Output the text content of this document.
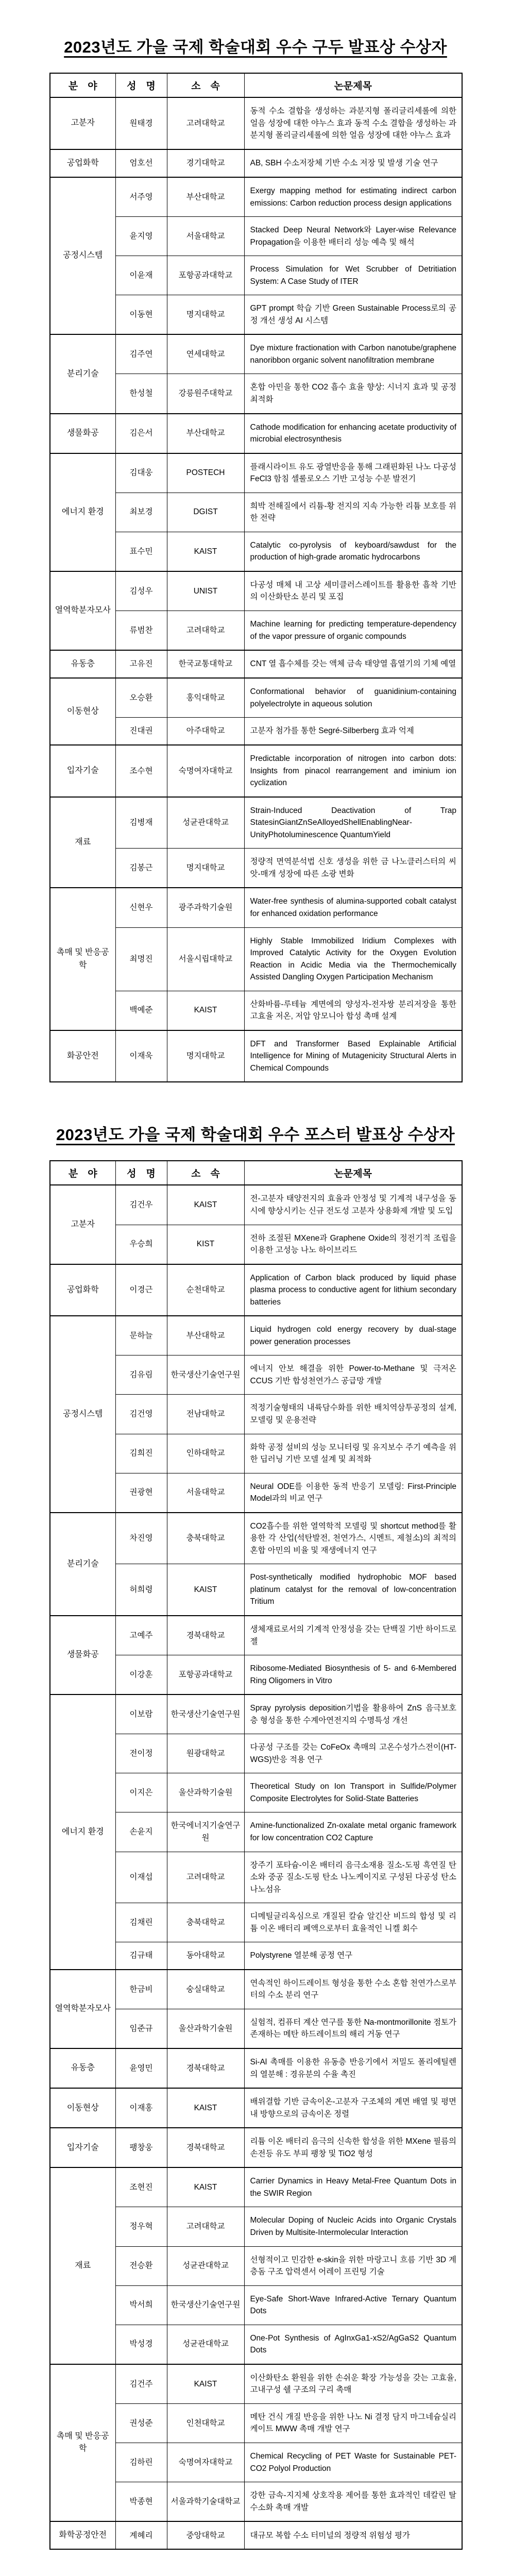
2023년도 가을 국제 학술대회 우수 구두 발표상 수상자
분 야	성 명	소 속	논문제목
고분자	원태경	고려대학교	동적 수소 결합을 생성하는 과분지형 폴리글리세롤에 의한 얼음 성장에 대한 야누스 효과 동적 수소 결합을 생성하는 과분지형 폴리글리세롤에 의한 얼음 성장에 대한 야누스 효과
공업화학	엄호선	경기대학교	AB, SBH 수소저장체 기반 수소 저장 및 발생 기술 연구
공정시스템	서주영	부산대학교	Exergy mapping method for estimating indirect carbon emissions: Carbon reduction process design applications
	윤지영	서울대학교	Stacked Deep Neural Network와 Layer-wise Relevance Propagation을 이용한 배터리 성능 예측 및 해석
	이윤재	포항공과대학교	Process Simulation for Wet Scrubber of Detritiation System: A Case Study of ITER
	이동현	명지대학교	GPT prompt 학습 기반 Green Sustainable Process로의 공정 개선 생성 AI 시스템
분리기술	김주연	연세대학교	Dye mixture fractionation with Carbon nanotube/graphene nanoribbon organic solvent nanofiltration membrane
	한성철	강릉원주대학교	혼합 아민을 통한 CO2 흡수 효율 향상: 시너지 효과 및 공정 최적화
생물화공	김은서	부산대학교	Cathode modification for enhancing acetate productivity of microbial electrosynthesis
에너지 환경	김대웅	POSTECH	플래시라이트 유도 광열반응을 통해 그래핀화된 나노 다공성 FeCl3 함침 셀룰로오스 기반 고성능 수분 발전기
	최보경	DGIST	희박 전해질에서 리튬-황 전지의 지속 가능한 리튬 보호를 위한 전략
	표수민	KAIST	Catalytic co-pyrolysis of keyboard/sawdust for the production of high-grade aromatic hydrocarbons
열역학분자모사	김성우	UNIST	다공성 매체 내 고상 세미클러스레이트를 활용한 흡착 기반의 이산화탄소 분리 및 포집
	류범찬	고려대학교	Machine learning for predicting temperature-dependency of the vapor pressure of organic compounds
유동층	고유진	한국교통대학교	CNT 열 흡수체를 갖는 액체 금속 태양열 흡열기의 기체 예열
이동현상	오승환	홍익대학교	Conformational behavior of guanidinium-containing polyelectrolyte in aqueous solution
	진대권	아주대학교	고분자 첨가를 통한 Segré-Silberberg 효과 억제
입자기술	조수현	숙명여자대학교	Predictable incorporation of nitrogen into carbon dots: Insights from pinacol rearrangement and iminium ion cyclization
재료	김병재	성균관대학교	Strain-Induced Deactivation of Trap StatesinGiantZnSeAlloyedShellEnablingNear-UnityPhotoluminescence QuantumYield
	김봉근	명지대학교	정량적 면역분석법 신호 생성을 위한 금 나노클러스터의 씨앗-매개 성장에 따른 소광 변화
촉매 및 반응공학	신현우	광주과학기술원	Water-free synthesis of alumina-supported cobalt catalyst for enhanced oxidation performance
	최명진	서울시립대학교	Highly Stable Immobilized Iridium Complexes with Improved Catalytic Activity for the Oxygen Evolution Reaction in Acidic Media via the Thermochemically Assisted Dangling Oxygen Participation Mechanism
	백예준	KAIST	산화바륨-루테늄 계면에의 양성자-전자쌍 분리저장을 통한 고효율 저온, 저압 암모니아 합성 촉매 설계
화공안전	이재욱	명지대학교	DFT and Transformer Based Explainable Artificial Intelligence for Mining of Mutagenicity Structural Alerts in Chemical Compounds
2023년도 가을 국제 학술대회 우수 포스터 발표상 수상자
분 야	성 명	소 속	논문제목
고분자	김건우	KAIST	전-고분자 태양전지의 효율과 안정성 및 기계적 내구성을 동시에 향상시키는 신규 전도성 고분자 상용화제 개발 및 도입
	우승희	KIST	전하 조절된 MXene과 Graphene Oxide의 정전기적 조립을 이용한 고성능 나노 하이브리드
공업화학	이경근	순천대학교	Application of Carbon black produced by liquid phase plasma process to conductive agent for lithium secondary batteries
공정시스템	문하늘	부산대학교	Liquid hydrogen cold energy recovery by dual-stage power generation processes
	김유림	한국생산기술연구원	에너지 안보 해결을 위한 Power-to-Methane 및 극저온 CCUS 기반 합성천연가스 공급망 개발
	김건영	전남대학교	적정기술형태의 내륙담수화를 위한 배치역삼투공정의 설계, 모델링 및 운용전략
	김희진	인하대학교	화학 공정 설비의 성능 모니터링 및 유지보수 주기 예측을 위한 딥러닝 기반 모델 설계 및 최적화
	권광현	서울대학교	Neural ODE를 이용한 동적 반응기 모델링: First-Principle Model과의 비교 연구
분리기술	차진영	충북대학교	CO2흡수를 위한 열역학적 모델링 및 shortcut method를 활용한 각 산업(석탄발전, 천연가스, 시멘트, 제철소)의 최적의 혼합 아민의 비율 및 재생에너지 연구
	허희령	KAIST	Post-synthetically modified hydrophobic MOF based platinum catalyst for the removal of low-concentration Tritium
생물화공	고예주	경북대학교	생체재료로서의 기계적 안정성을 갖는 단백질 기반 하이드로젤
	이강훈	포항공과대학교	Ribosome-Mediated Biosynthesis of 5- and 6-Membered Ring Oligomers in Vitro
에너지 환경	이보람	한국생산기술연구원	Spray pyrolysis deposition기법을 활용하여 ZnS 음극보호층 형성을 통한 수계아연전지의 수명특성 개선
	전이정	원광대학교	다공성 구조를 갖는 CoFeOx 촉매의 고온수성가스전이(HT-WGS)반응 적용 연구
	이지은	울산과학기술원	Theoretical Study on Ion Transport in Sulfide/Polymer Composite Electrolytes for Solid-State Batteries
	손윤지	한국에너지기술연구원	Amine-functionalized Zn-oxalate metal organic framework for low concentration CO2 Capture
	이재섭	고려대학교	장주기 포타슘-이온 배터리 음극소재용 질소-도핑 흑연질 탄소와 중공 질소-도핑 탄소 나노케이지로 구성된 다공성 탄소 나노섬유
	김채린	충북대학교	디메틸글리옥심으로 개질된 칼슘 알긴산 비드의 합성 및 리튬 이온 배터리 폐액으로부터 효율적인 니켈 회수
	김규태	동아대학교	Polystyrene 열분해 공정 연구
열역학분자모사	한금비	숭실대학교	연속적인 하이드레이트 형성을 통한 수소 혼합 천연가스로부터의 수소 분리 연구
	임준규	울산과학기술원	실험적, 컴퓨터 계산 연구를 통한 Na-montmorillonite 점토가 존재하는 메탄 하드레이트의 해리 거동 연구
유동층	윤영민	경북대학교	Si-Al 촉매를 이용한 유동층 반응기에서 저밀도 폴리에틸렌의 열분해 : 경유분의 수율 촉진
이동현상	이재홍	KAIST	배위결합 기반 금속이온-고분자 구조체의 계면 배열 및 평면 내 방향으로의 금속이온 정렬
입자기술	팽창웅	경북대학교	리튬 이온 배터리 음극의 신속한 합성을 위한 MXene 필름의 손전등 유도 부피 팽창 및 TiO2 형성
재료	조현진	KAIST	Carrier Dynamics in Heavy Metal-Free Quantum Dots in the SWIR Region
	정우혁	고려대학교	Molecular Doping of Nucleic Acids into Organic Crystals Driven by Multisite-Intermolecular Interaction
	전승환	성균관대학교	선형적이고 민감한 e-skin을 위한 마랑고니 흐름 기반 3D 계층돔 구조 압력센서 어레이 프린팅 기술
	박서희	한국생산기술연구원	Eye-Safe Short-Wave Infrared-Active Ternary Quantum Dots
	박성경	성균관대학교	One-Pot Synthesis of AgInxGa1-xS2/AgGaS2 Quantum Dots
촉매 및 반응공학	김건주	KAIST	이산화탄소 환원을 위한 손쉬운 확장 가능성을 갖는 고효율, 고내구성 쉘 구조의 구리 촉매
	권성준	인천대학교	메탄 건식 개질 반응을 위한 나노 Ni 결정 담지 마그네슘실리케이트 MWW 촉매 개발 연구
	김하린	숙명여자대학교	Chemical Recycling of PET Waste for Sustainable PET-CO2 Polyol Production
	박종현	서울과학기술대학교	강한 금속-지지체 상호작용 제어를 통한 효과적인 데칼린 탈수소화 촉매 개발
화학공정안전	계혜리	중앙대학교	대규모 복합 수소 터미널의 정량적 위험성 평가
